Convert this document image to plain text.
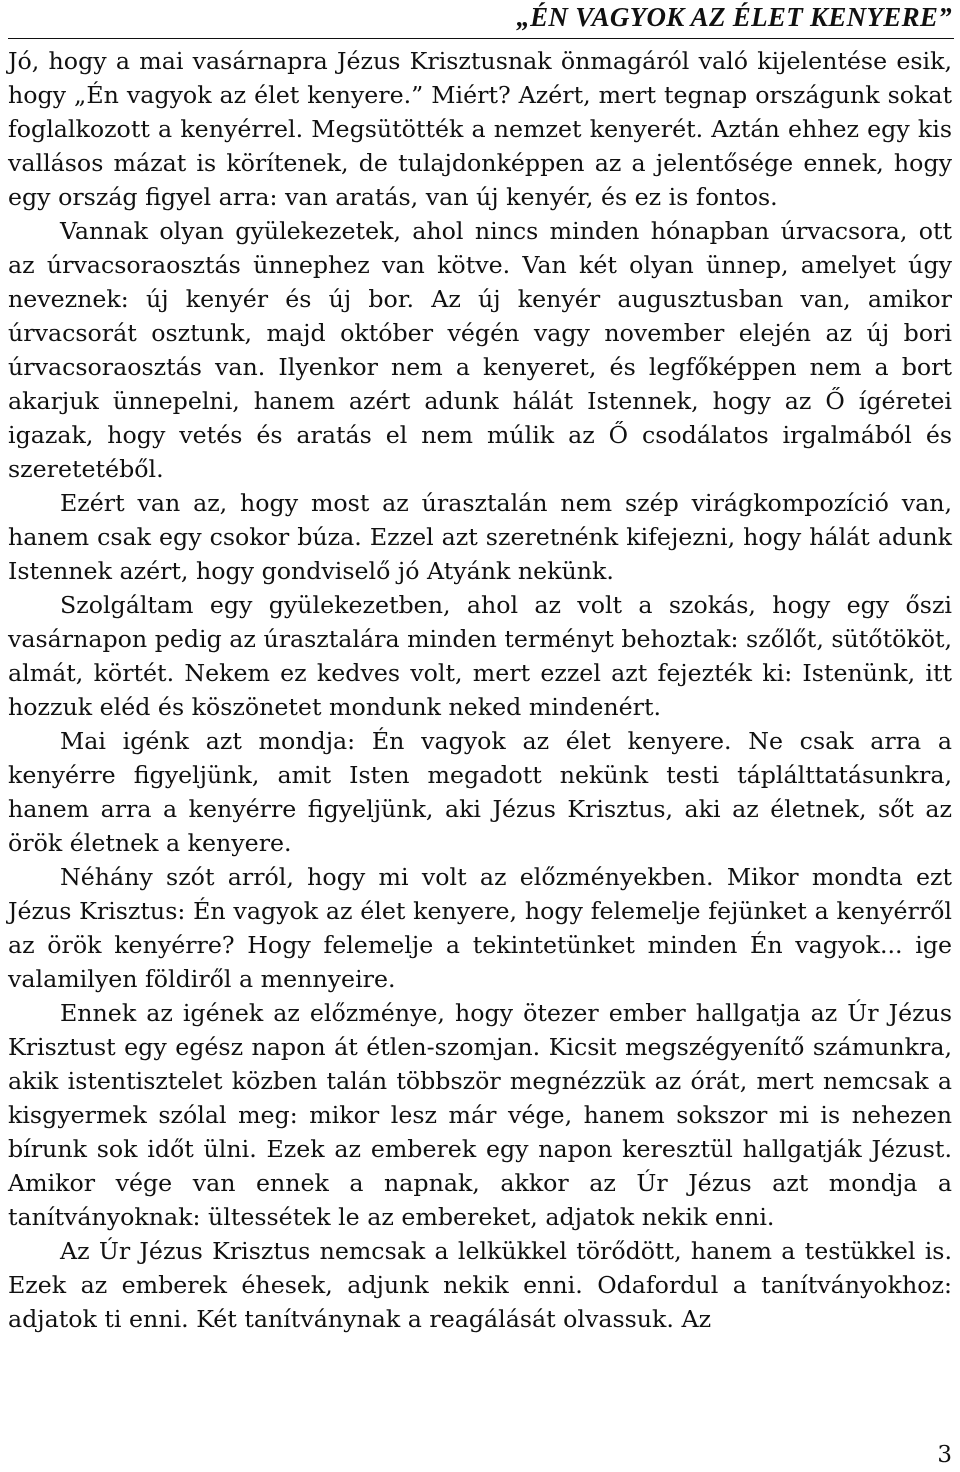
„ÉN VAGYOK AZ ÉLET KENYERE”

Jó, hogy a mai vasárnapra Jézus Krisztusnak önmagáról való kijelentése esik, hogy „Én vagyok az élet kenyere.” Miért? Azért, mert tegnap országunk sokat foglalkozott a kenyérrel. Megsütötték a nemzet kenyerét. Aztán ehhez egy kis vallásos mázat is körítenek, de tulajdonképpen az a jelentősége ennek, hogy egy ország figyel arra: van aratás, van új kenyér, és ez is fontos.

Vannak olyan gyülekezetek, ahol nincs minden hónapban úrvacsora, ott az úrvacsoraosztás ünnephez van kötve. Van két olyan ünnep, amelyet úgy neveznek: új kenyér és új bor. Az új kenyér augusztusban van, amikor úrvacsorát osztunk, majd október végén vagy november elején az új bori úrvacsoraosztás van. Ilyenkor nem a kenyeret, és legfőképpen nem a bort akarjuk ünnepelni, hanem azért adunk hálát Istennek, hogy az Ő ígéretei igazak, hogy vetés és aratás el nem múlik az Ő csodálatos irgalmából és szeretetéből.

Ezért van az, hogy most az úrasztalán nem szép virágkompozíció van, hanem csak egy csokor búza. Ezzel azt szeretnénk kifejezni, hogy hálát adunk Istennek azért, hogy gondviselő jó Atyánk nekünk.

Szolgáltam egy gyülekezetben, ahol az volt a szokás, hogy egy őszi vasárnapon pedig az úrasztalára minden terményt behoztak: szőlőt, sütőtököt, almát, körtét. Nekem ez kedves volt, mert ezzel azt fejezték ki: Istenünk, itt hozzuk eléd és köszönetet mondunk neked mindenért.

Mai igénk azt mondja: Én vagyok az élet kenyere. Ne csak arra a kenyérre figyeljünk, amit Isten megadott nekünk testi táplálttatásunkra, hanem arra a kenyérre figyeljünk, aki Jézus Krisztus, aki az életnek, sőt az örök életnek a kenyere.

Néhány szót arról, hogy mi volt az előzményekben. Mikor mondta ezt Jézus Krisztus: Én vagyok az élet kenyere, hogy felemelje fejünket a kenyérről az örök kenyérre? Hogy felemelje a tekintetünket minden Én vagyok... ige valamilyen földiről a mennyeire.

Ennek az igének az előzménye, hogy ötezer ember hallgatja az Úr Jézus Krisztust egy egész napon át étlen-szomjan. Kicsit megszégyenítő számunkra, akik istentisztelet közben talán többször megnézzük az órát, mert nemcsak a kisgyermek szólal meg: mikor lesz már vége, hanem sokszor mi is nehezen bírunk sok időt ülni. Ezek az emberek egy napon keresztül hallgatják Jézust. Amikor vége van ennek a napnak, akkor az Úr Jézus azt mondja a tanítványoknak: ültessétek le az embereket, adjatok nekik enni.

Az Úr Jézus Krisztus nemcsak a lelkükkel törődött, hanem a testükkel is. Ezek az emberek éhesek, adjunk nekik enni. Odafordul a tanítványokhoz: adjatok ti enni. Két tanítványnak a reagálását olvassuk. Az

3
